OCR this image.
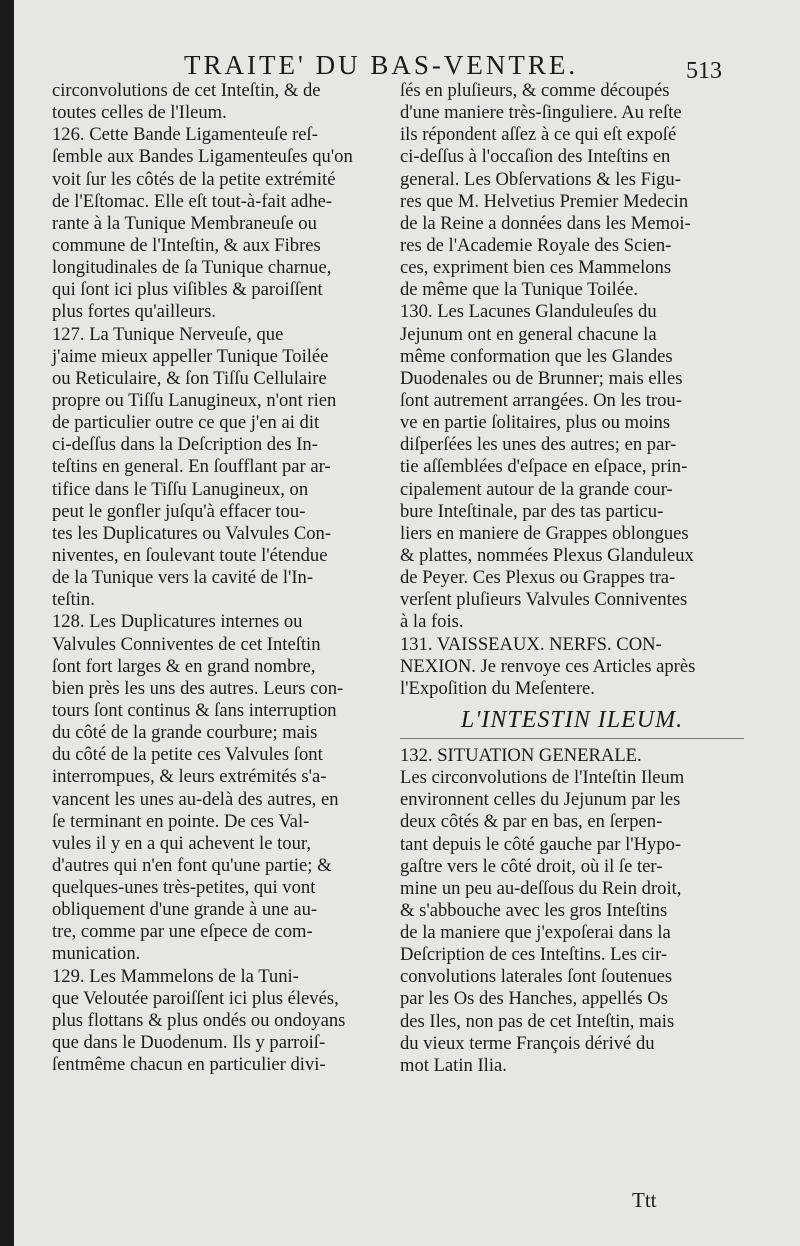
TRAITE' DU BAS-VENTRE.	513
circonvolutions de cet Inteſtin, & de
toutes celles de l'Ileum.
126. Cette Bande Ligamenteuſe reſ-
ſemble aux Bandes Ligamenteuſes qu'on
voit ſur les côtés de la petite extrémité
de l'Eſtomac. Elle eſt tout-à-fait adhe-
rante à la Tunique Membraneuſe ou
commune de l'Inteſtin, & aux Fibres
longitudinales de ſa Tunique charnue,
qui ſont ici plus viſibles & paroiſſent
plus fortes qu'ailleurs.
127. La Tunique Nerveuſe, que
j'aime mieux appeller Tunique Toilée
ou Reticulaire, & ſon Tiſſu Cellulaire
propre ou Tiſſu Lanugineux, n'ont rien
de particulier outre ce que j'en ai dit
ci-deſſus dans la Deſcription des In-
teſtins en general. En ſoufflant par ar-
tifice dans le Tiſſu Lanugineux, on
peut le gonfler juſqu'à effacer tou-
tes les Duplicatures ou Valvules Con-
niventes, en ſoulevant toute l'étendue
de la Tunique vers la cavité de l'In-
teſtin.
128. Les Duplicatures internes ou
Valvules Conniventes de cet Inteſtin
ſont fort larges & en grand nombre,
bien près les uns des autres. Leurs con-
tours ſont continus & ſans interruption
du côté de la grande courbure; mais
du côté de la petite ces Valvules ſont
interrompues, & leurs extrémités s'a-
vancent les unes au-delà des autres, en
ſe terminant en pointe. De ces Val-
vules il y en a qui achevent le tour,
d'autres qui n'en font qu'une partie; &
quelques-unes très-petites, qui vont
obliquement d'une grande à une au-
tre, comme par une eſpece de com-
munication.
129. Les Mammelons de la Tuni-
que Veloutée paroiſſent ici plus élevés,
plus flottans & plus ondés ou ondoyans
que dans le Duodenum. Ils y parroiſ-
ſentmême chacun en particulier divi-
ſés en pluſieurs, & comme découpés
d'une maniere très-ſinguliere. Au reſte
ils répondent aſſez à ce qui eſt expoſé
ci-deſſus à l'occaſion des Inteſtins en
general. Les Obſervations & les Figu-
res que M. Helvetius Premier Medecin
de la Reine a données dans les Memoi-
res de l'Academie Royale des Scien-
ces, expriment bien ces Mammelons
de même que la Tunique Toilée.
130. Les Lacunes Glanduleuſes du
Jejunum ont en general chacune la
même conformation que les Glandes
Duodenales ou de Brunner; mais elles
ſont autrement arrangées. On les trou-
ve en partie ſolitaires, plus ou moins
diſperſées les unes des autres; en par-
tie aſſemblées d'eſpace en eſpace, prin-
cipalement autour de la grande cour-
bure Inteſtinale, par des tas particu-
liers en maniere de Grappes oblongues
& plattes, nommées Plexus Glanduleux
de Peyer. Ces Plexus ou Grappes tra-
verſent pluſieurs Valvules Conniventes
à la fois.
131. VAISSEAUX. NERFS. CON-
NEXION. Je renvoye ces Articles après
l'Expoſition du Meſentere.
L'INTESTIN ILEUM.
132. SITUATION GENERALE.
Les circonvolutions de l'Inteſtin Ileum
environnent celles du Jejunum par les
deux côtés & par en bas, en ſerpen-
tant depuis le côté gauche par l'Hypo-
gaſtre vers le côté droit, où il ſe ter-
mine un peu au-deſſous du Rein droit,
& s'abbouche avec les gros Inteſtins
de la maniere que j'expoſerai dans la
Deſcription de ces Inteſtins. Les cir-
convolutions laterales ſont ſoutenues
par les Os des Hanches, appellés Os
des Iles, non pas de cet Inteſtin, mais
du vieux terme François dérivé du
mot Latin Ilia.
Ttt
